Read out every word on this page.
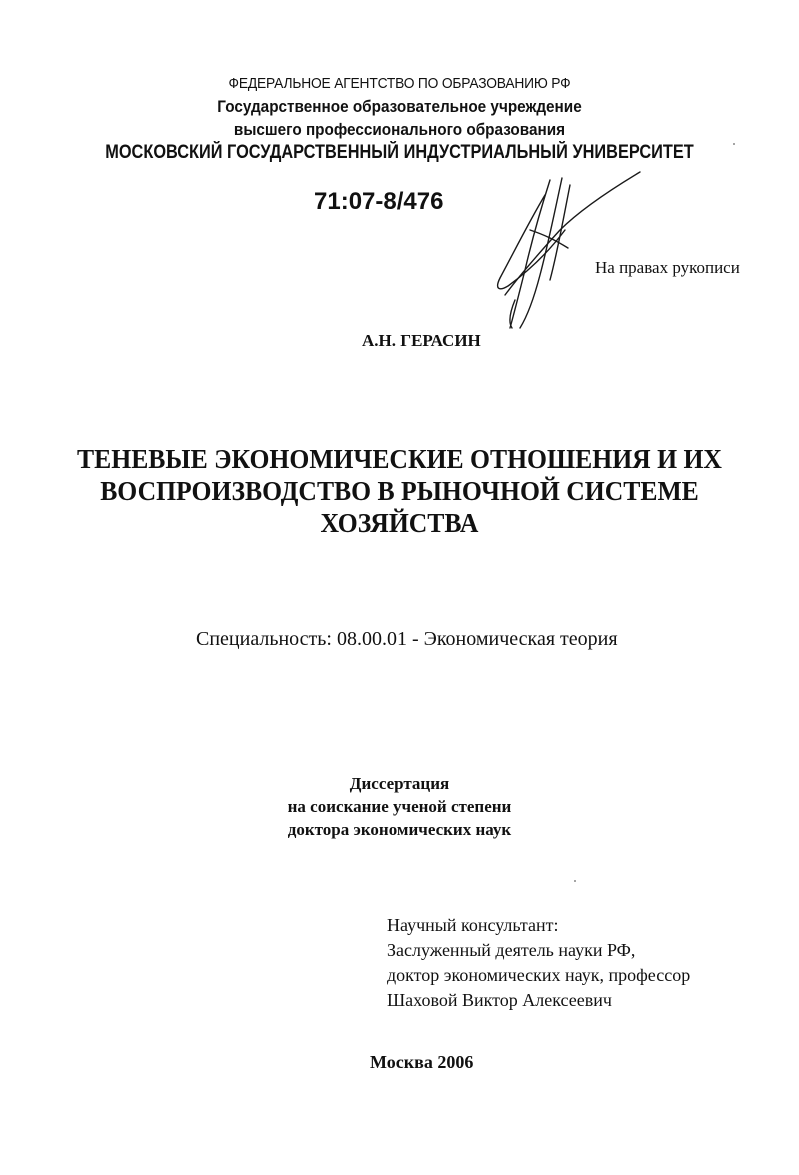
ФЕДЕРАЛЬНОЕ АГЕНТСТВО ПО ОБРАЗОВАНИЮ РФ
Государственное образовательное учреждение
высшего профессионального образования
МОСКОВСКИЙ ГОСУДАРСТВЕННЫЙ ИНДУСТРИАЛЬНЫЙ УНИВЕРСИТЕТ
71:07-8/476
На правах рукописи
А.Н. ГЕРАСИН
ТЕНЕВЫЕ ЭКОНОМИЧЕСКИЕ ОТНОШЕНИЯ И ИХ
ВОСПРОИЗВОДСТВО В РЫНОЧНОЙ СИСТЕМЕ
ХОЗЯЙСТВА
Специальность: 08.00.01 - Экономическая теория
Диссертация
на соискание ученой степени
доктора экономических наук
Научный консультант:
Заслуженный деятель науки РФ,
доктор экономических наук, профессор
Шаховой Виктор Алексеевич
Москва 2006
